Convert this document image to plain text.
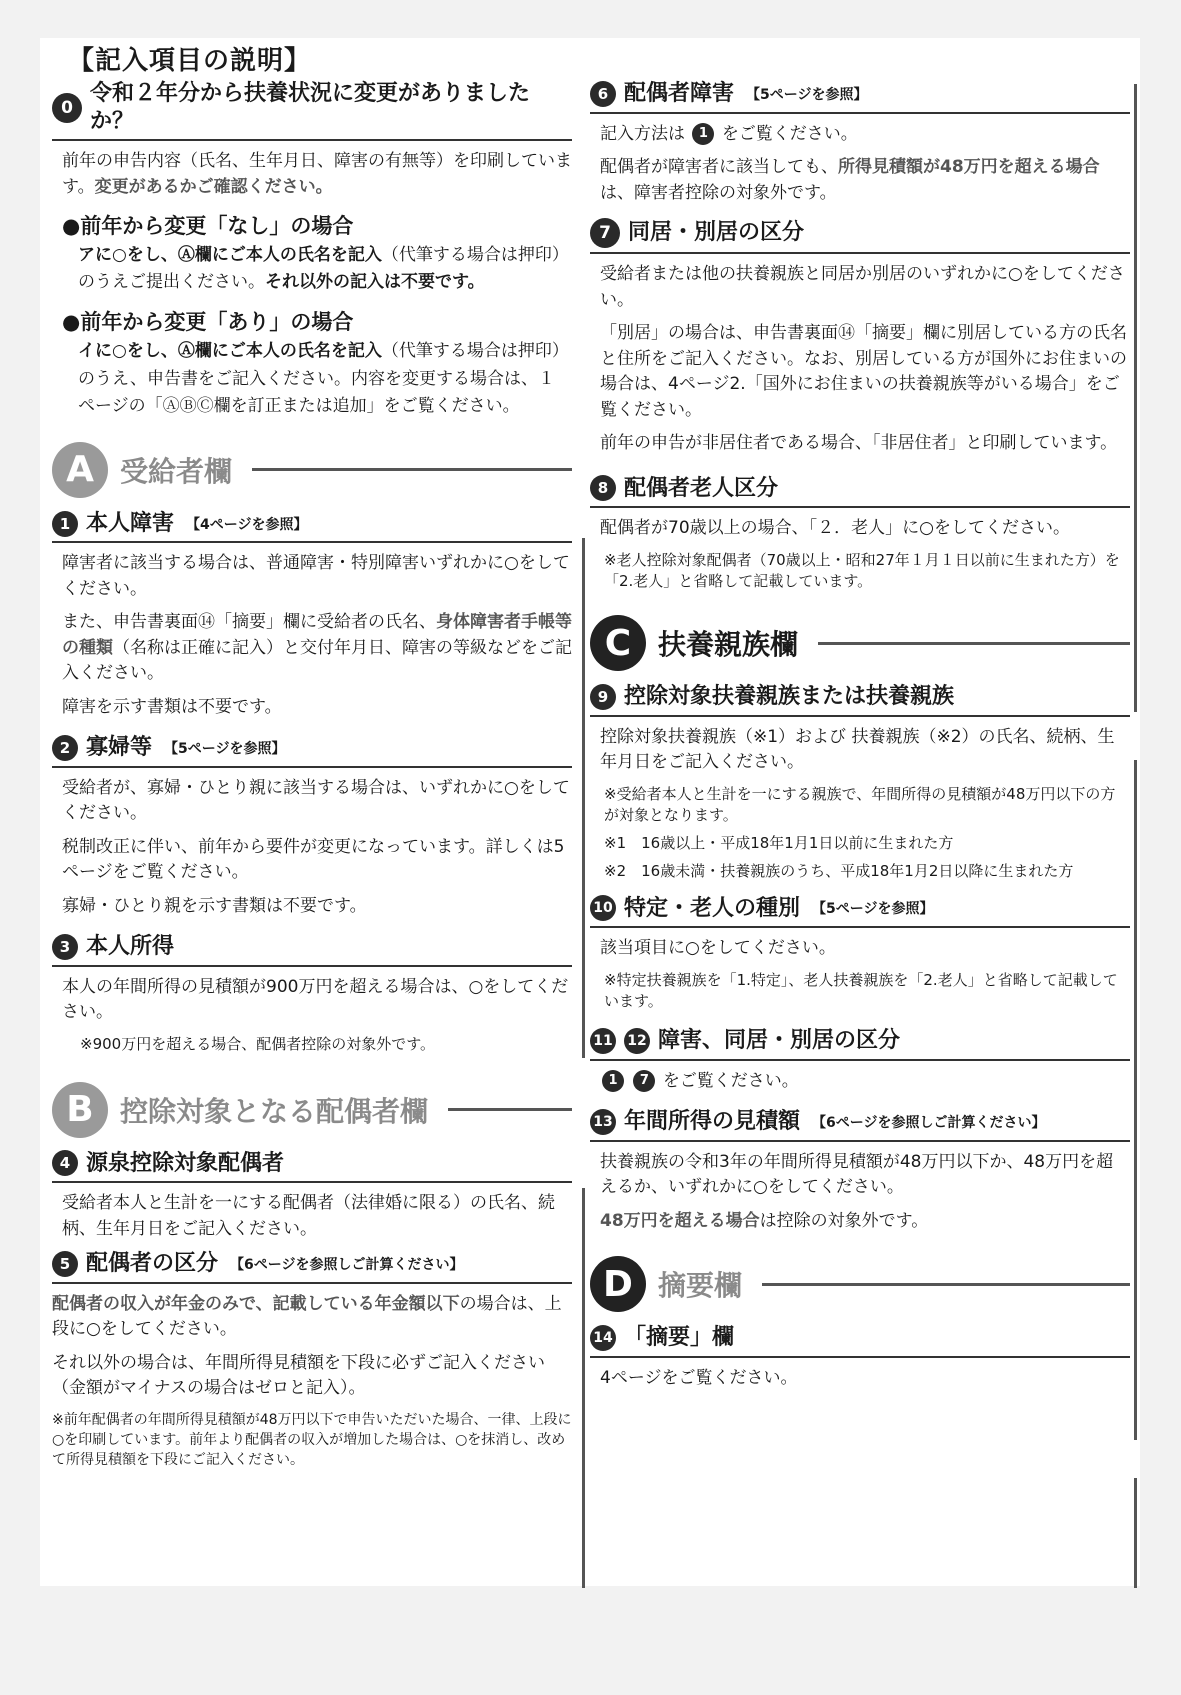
【記入項目の説明】
0
令和２年分から扶養状況に変更がありましたか？

前年の申告内容（氏名、生年月日、障害の有無等）を印刷しています。変更があるかご確認ください。

●前年から変更「なし」の場合

アに○をし、Ⓐ欄にご本人の氏名を記入（代筆する場合は押印）のうえご提出ください。それ以外の記入は不要です。

●前年から変更「あり」の場合

イに○をし、Ⓐ欄にご本人の氏名を記入（代筆する場合は押印）のうえ、申告書をご記入ください。内容を変更する場合は、１ページの「ⒶⒷⒸ欄を訂正または追加」をご覧ください。

A 受給者欄
1 本人障害 【4ページを参照】

障害者に該当する場合は、普通障害・特別障害いずれかに○をしてください。

また、申告書裏面⑭「摘要」欄に受給者の氏名、身体障害者手帳等の種類（名称は正確に記入）と交付年月日、障害の等級などをご記入ください。

障害を示す書類は不要です。

2 寡婦等 【5ページを参照】

受給者が、寡婦・ひとり親に該当する場合は、いずれかに○をしてください。

税制改正に伴い、前年から要件が変更になっています。詳しくは5ページをご覧ください。

寡婦・ひとり親を示す書類は不要です。

3 本人所得

本人の年間所得の見積額が900万円を超える場合は、○をしてください。

※900万円を超える場合、配偶者控除の対象外です。

B 控除対象となる配偶者欄
4 源泉控除対象配偶者

受給者本人と生計を一にする配偶者（法律婚に限る）の氏名、続柄、生年月日をご記入ください。

5 配偶者の区分 【6ページを参照しご計算ください】

配偶者の収入が年金のみで、記載している年金額以下の場合は、上段に○をしてください。

それ以外の場合は、年間所得見積額を下段に必ずご記入ください（金額がマイナスの場合はゼロと記入）。

※前年配偶者の年間所得見積額が48万円以下で申告いただいた場合、一律、上段に○を印刷しています。前年より配偶者の収入が増加した場合は、○を抹消し、改めて所得見積額を下段にご記入ください。

6 配偶者障害 【5ページを参照】

記入方法は 1 をご覧ください。

配偶者が障害者に該当しても、所得見積額が48万円を超える場合は、障害者控除の対象外です。

7 同居・別居の区分

受給者または他の扶養親族と同居か別居のいずれかに○をしてください。

「別居」の場合は、申告書裏面⑭「摘要」欄に別居している方の氏名と住所をご記入ください。なお、別居している方が国外にお住まいの場合は、4ページ2.「国外にお住まいの扶養親族等がいる場合」をご覧ください。

前年の申告が非居住者である場合、「非居住者」と印刷しています。

8 配偶者老人区分

配偶者が70歳以上の場合、「２．老人」に○をしてください。

※老人控除対象配偶者（70歳以上・昭和27年１月１日以前に生まれた方）を「2.老人」と省略して記載しています。

C 扶養親族欄
9 控除対象扶養親族または扶養親族

控除対象扶養親族（※1）および 扶養親族（※2）の氏名、続柄、生年月日をご記入ください。

※受給者本人と生計を一にする親族で、年間所得の見積額が48万円以下の方が対象となります。

※1　16歳以上・平成18年1月1日以前に生まれた方

※2　16歳未満・扶養親族のうち、平成18年1月2日以降に生まれた方

10 特定・老人の種別 【5ページを参照】

該当項目に○をしてください。

※特定扶養親族を「1.特定」、老人扶養親族を「2.老人」と省略して記載しています。

11 12 障害、同居・別居の区分

1 7 をご覧ください。

13 年間所得の見積額 【6ページを参照しご計算ください】

扶養親族の令和3年の年間所得見積額が48万円以下か、48万円を超えるか、いずれかに○をしてください。

48万円を超える場合は控除の対象外です。

D 摘要欄
14 「摘要」欄

4ページをご覧ください。
